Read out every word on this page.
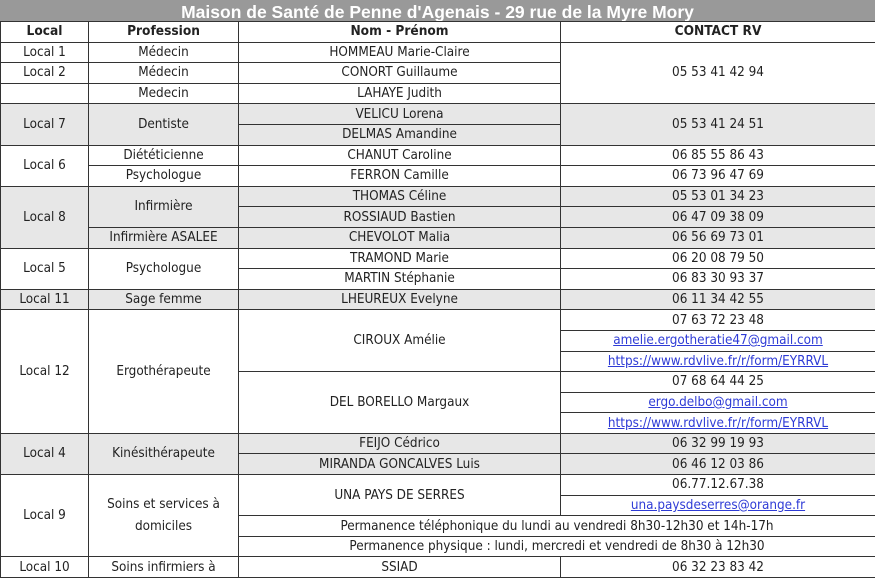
Maison de Santé de Penne d'Agenais - 29 rue de la Myre Mory
Local	Profession	Nom - Prénom	CONTACT RV
Local 1	Médecin	HOMMEAU Marie-Claire	05 53 41 42 94
Local 2	Médecin	CONORT Guillaume	
	Medecin	LAHAYE Judith	
Local 7	Dentiste	VELICU Lorena	05 53 41 24 51
		DELMAS Amandine	
Local 6	Diététicienne	CHANUT Caroline	06 85 55 86 43
	Psychologue	FERRON Camille	06 73 96 47 69
Local 8	Infirmière	THOMAS Céline	05 53 01 34 23
		ROSSIAUD Bastien	06 47 09 38 09
	Infirmière ASALEE	CHEVOLOT Malia	06 56 69 73 01
Local 5	Psychologue	TRAMOND Marie	06 20 08 79 50
		MARTIN Stéphanie	06 83 30 93 37
Local 11	Sage femme	LHEUREUX Evelyne	06 11 34 42 55
Local 12	Ergothérapeute	CIROUX Amélie	07 63 72 23 48
			amelie.ergotheratie47@gmail.com
			https://www.rdvlive.fr/r/form/EYRRVL
		DEL BORELLO Margaux	07 68 64 44 25
			ergo.delbo@gmail.com
			https://www.rdvlive.fr/r/form/EYRRVL
Local 4	Kinésithérapeute	FEIJO Cédrico	06 32 99 19 93
		MIRANDA GONCALVES Luis	06 46 12 03 86
Local 9	Soins et services à domiciles	UNA PAYS DE SERRES	06.77.12.67.38
			una.paysdeserres@orange.fr
		Permanence téléphonique du lundi au vendredi 8h30-12h30 et 14h-17h	
		Permanence physique : lundi, mercredi et vendredi de 8h30 à 12h30	
Local 10	Soins infirmiers à	SSIAD	06 32 23 83 42
